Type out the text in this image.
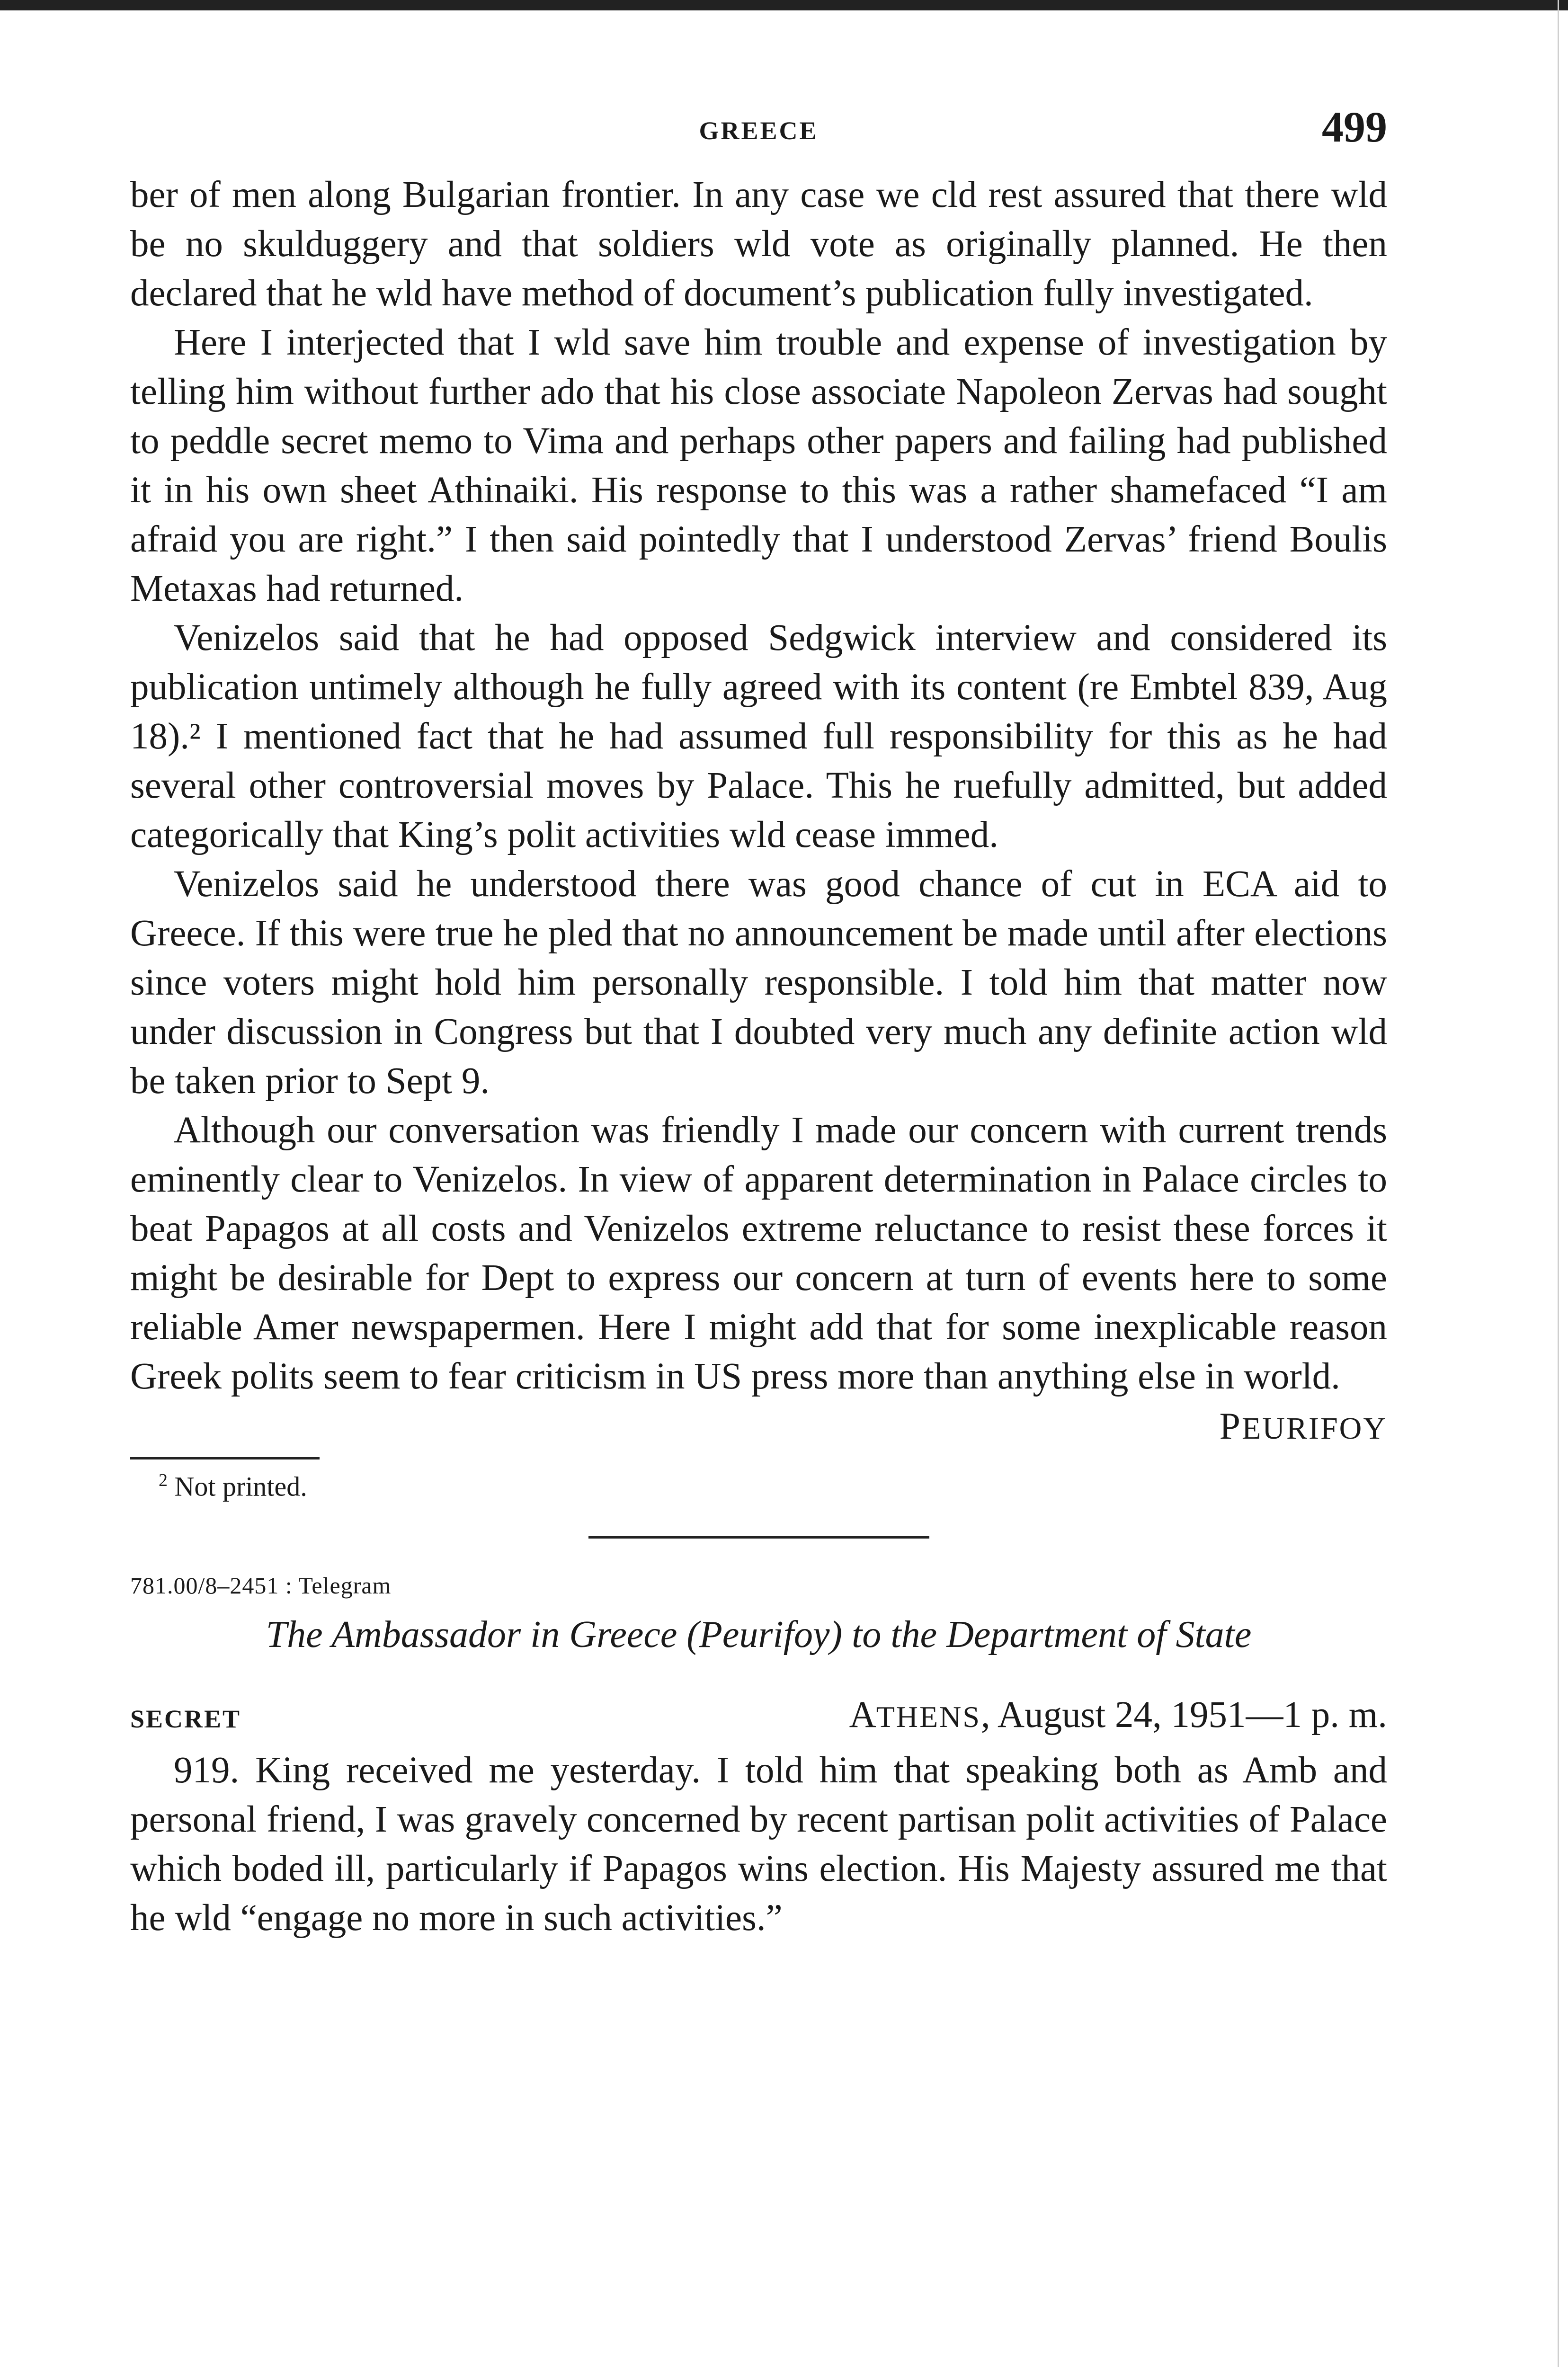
GREECE	499

ber of men along Bulgarian frontier. In any case we cld rest assured that there wld be no skulduggery and that soldiers wld vote as originally planned. He then declared that he wld have method of document’s publication fully investigated.

Here I interjected that I wld save him trouble and expense of investigation by telling him without further ado that his close associate Napoleon Zervas had sought to peddle secret memo to Vima and perhaps other papers and failing had published it in his own sheet Athinaiki. His response to this was a rather shamefaced “I am afraid you are right.” I then said pointedly that I understood Zervas’ friend Boulis Metaxas had returned.

Venizelos said that he had opposed Sedgwick interview and considered its publication untimely although he fully agreed with its content (re Embtel 839, Aug 18).² I mentioned fact that he had assumed full responsibility for this as he had several other controversial moves by Palace. This he ruefully admitted, but added categorically that King’s polit activities wld cease immed.

Venizelos said he understood there was good chance of cut in ECA aid to Greece. If this were true he pled that no announcement be made until after elections since voters might hold him personally responsible. I told him that matter now under discussion in Congress but that I doubted very much any definite action wld be taken prior to Sept 9.

Although our conversation was friendly I made our concern with current trends eminently clear to Venizelos. In view of apparent determination in Palace circles to beat Papagos at all costs and Venizelos extreme reluctance to resist these forces it might be desirable for Dept to express our concern at turn of events here to some reliable Amer newspapermen. Here I might add that for some inexplicable reason Greek polits seem to fear criticism in US press more than anything else in world.

PEURIFOY
$^2$ Not printed.
781.00/8–2451 : Telegram
The Ambassador in Greece (Peurifoy) to the Department of State
SECRET	ATHENS, August 24, 1951—1 p. m.

919. King received me yesterday. I told him that speaking both as Amb and personal friend, I was gravely concerned by recent partisan polit activities of Palace which boded ill, particularly if Papagos wins election. His Majesty assured me that he wld “engage no more in such activities.”
